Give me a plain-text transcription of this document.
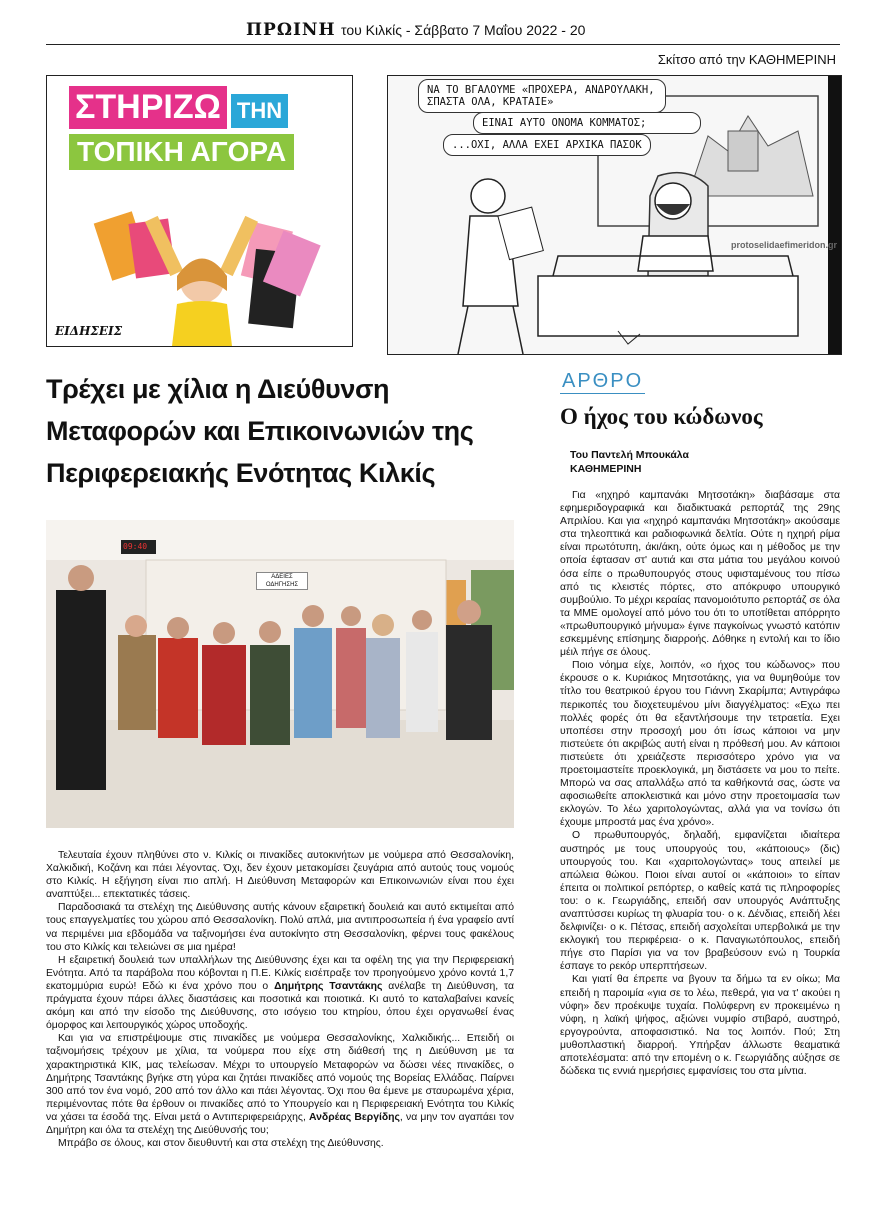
ΠΡΩΙΝΗ του Κιλκίς - Σάββατο 7 Μαΐου 2022 - 20
Σκίτσο από την ΚΑΘΗΜΕΡΙΝΗ
ΣΤΗΡΙΖΩ ΤΗΝ
ΤΟΠΙΚΗ ΑΓΟΡΑ
ΕΙΔΗΣΕΙΣ
ΝΑ ΤΟ ΒΓΑΛΟΥΜΕ «ΠΡΟΧΕΡΑ, ΑΝΔΡΟΥΛΑΚΗ, ΣΠΑΣΤΑ ΟΛΑ, ΚΡΑΤΑΙΕ»
ΕΙΝΑΙ ΑΥΤΟ ΟΝΟΜΑ ΚΟΜΜΑΤΟΣ;
...ΟΧΙ, ΑΛΛΑ ΕΧΕΙ ΑΡΧΙΚΑ ΠΑΣΟΚ
protoselidaefimeridon.gr
Τρέχει με χίλια η Διεύθυνση Μεταφορών και Επικοινωνιών της Περιφερειακής Ενότητας Κιλκίς
09:40
ΑΔΕΙΕΣ ΟΔΗΓΗΣΗΣ

Τελευταία έχουν πληθύνει στο ν. Κιλκίς οι πινακίδες αυτοκινήτων με νούμερα από Θεσσαλονίκη, Χαλκιδική, Κοζάνη και πάει λέγοντας. Όχι, δεν έχουν μετακομίσει ζευγάρια από αυτούς τους νομούς στο Κιλκίς. Η εξήγηση είναι πιο απλή. Η Διεύθυνση Μεταφορών και Επικοινωνιών είναι που έχει αναπτύξει... επεκτατικές τάσεις.

Παραδοσιακά τα στελέχη της Διεύθυνσης αυτής κάνουν εξαιρετική δουλειά και αυτό εκτιμείται από τους επαγγελματίες του χώρου από Θεσσαλονίκη. Πολύ απλά, μια αντιπροσωπεία ή ένα γραφείο αντί να περιμένει μια εβδομάδα να ταξινομήσει ένα αυτοκίνητο στη Θεσσαλονίκη, φέρνει τους φακέλους του στο Κιλκίς και τελειώνει σε μια ημέρα!

Η εξαιρετική δουλειά των υπαλλήλων της Διεύθυνσης έχει και τα οφέλη της για την Περιφερειακή Ενότητα. Από τα παράβολα που κόβονται η Π.Ε. Κιλκίς εισέπραξε τον προηγούμενο χρόνο κοντά 1,7 εκατομμύρια ευρώ! Εδώ κι ένα χρόνο που ο Δημήτρης Τσαντάκης ανέλαβε τη Διεύθυνση, τα πράγματα έχουν πάρει άλλες διαστάσεις και ποσοτικά και ποιοτικά. Κι αυτό το καταλαβαίνει κανείς ακόμη και από την είσοδο της Διεύθυνσης, στο ισόγειο του κτηρίου, όπου έχει οργανωθεί ένας όμορφος και λειτουργικός χώρος υποδοχής.

Και για να επιστρέψουμε στις πινακίδες με νούμερα Θεσσαλονίκης, Χαλκιδικής... Επειδή οι ταξινομήσεις τρέχουν με χίλια, τα νούμερα που είχε στη διάθεσή της η Διεύθυνση με τα χαρακτηριστικά ΚΙΚ, μας τελείωσαν. Μέχρι το υπουργείο Μεταφορών να δώσει νέες πινακίδες, ο Δημήτρης Τσαντάκης βγήκε στη γύρα και ζητάει πινακίδες από νομούς της Βορείας Ελλάδας. Παίρνει 300 από τον ένα νομό, 200 από τον άλλο και πάει λέγοντας. Όχι που θα έμενε με σταυρωμένα χέρια, περιμένοντας πότε θα έρθουν οι πινακίδες από το Υπουργείο και η Περιφερειακή Ενότητα του Κιλκίς να χάσει τα έσοδά της. Είναι μετά ο Αντιπεριφερειάρχης, Ανδρέας Βεργίδης, να μην τον αγαπάει τον Δημήτρη και όλα τα στελέχη της Διεύθυνσής του;

Μπράβο σε όλους, και στον διευθυντή και στα στελέχη της Διεύθυνσης.

ΑΡΘΡΟ
Ο ήχος του κώδωνος
Του Παντελή Μπουκάλα
ΚΑΘΗΜΕΡΙΝΗ

Για «ηχηρό καμπανάκι Μητσοτάκη» διαβάσαμε στα εφημεριδογραφικά και διαδικτυακά ρεπορτάζ της 29ης Απριλίου. Και για «ηχηρό καμπανάκι Μητσοτάκη» ακούσαμε στα τηλεοπτικά και ραδιοφωνικά δελτία. Ούτε η ηχηρή ρίμα είναι πρωτότυπη, άκι/άκη, ούτε όμως και η μέθοδος με την οποία έφτασαν στ' αυτιά και στα μάτια του μεγάλου κοινού όσα είπε ο πρωθυπουργός στους υφισταμένους του πίσω από τις κλειστές πόρτες, στο απόκρυφο υπουργικό συμβούλιο. Το μέχρι κεραίας πανομοιότυπο ρεπορτάζ σε όλα τα ΜΜΕ ομολογεί από μόνο του ότι το υποτίθεται απόρρητο «πρωθυπουργικό μήνυμα» έγινε παγκοίνως γνωστό κατόπιν εσκεμμένης επίσημης διαρροής. Δόθηκε η εντολή και το ίδιο μέιλ πήγε σε όλους.

Ποιο νόημα είχε, λοιπόν, «ο ήχος του κώδωνος» που έκρουσε ο κ. Κυριάκος Μητσοτάκης, για να θυμηθούμε τον τίτλο του θεατρικού έργου του Γιάννη Σκαρίμπα; Αντιγράφω περικοπές του διοχετευμένου μίνι διαγγέλματος: «Εχω πει πολλές φορές ότι θα εξαντλήσουμε την τετραετία. Εχει υποπέσει στην προσοχή μου ότι ίσως κάποιοι να μην πιστεύετε ότι ακριβώς αυτή είναι η πρόθεσή μου. Αν κάποιοι πιστεύετε ότι χρειάζεστε περισσότερο χρόνο για να προετοιμαστείτε προεκλογικά, μη διστάσετε να μου το πείτε. Μπορώ να σας απαλλάξω από τα καθήκοντά σας, ώστε να αφοσιωθείτε αποκλειστικά και μόνο στην προετοιμασία των εκλογών. Το λέω χαριτολογώντας, αλλά για να τονίσω ότι έχουμε μπροστά μας ένα χρόνο».

Ο πρωθυπουργός, δηλαδή, εμφανίζεται ιδιαίτερα αυστηρός με τους υπουργούς του, «κάποιους» (δις) υπουργούς του. Και «χαριτολογώντας» τους απειλεί με απώλεια θώκου. Ποιοι είναι αυτοί οι «κάποιοι» το είπαν έπειτα οι πολιτικοί ρεπόρτερ, ο καθείς κατά τις πληροφορίες του: ο κ. Γεωργιάδης, επειδή σαν υπουργός Ανάπτυξης αναπτύσσει κυρίως τη φλυαρία του· ο κ. Δένδιας, επειδή λέει δελφινίζει· ο κ. Πέτσας, επειδή ασχολείται υπερβολικά με την εκλογική του περιφέρεια· ο κ. Παναγιωτόπουλος, επειδή πήγε στο Παρίσι για να τον βραβεύσουν ενώ η Τουρκία έσπαγε το ρεκόρ υπερπτήσεων.

Και γιατί θα έπρεπε να βγουν τα δήμω τα εν οίκω; Μα επειδή η παροιμία «για σε το λέω, πεθερά, για να τ' ακούει η νύφη» δεν προέκυψε τυχαία. Πολύφερνη εν προκειμένω η νύφη, η λαϊκή ψήφος, αξιώνει νυμφίο στιβαρό, αυστηρό, εργογρούντα, αποφασιστικό. Να τος λοιπόν. Πού; Στη μυθοπλαστική διαρροή. Υπήρξαν άλλωστε θεαματικά αποτελέσματα: από την επομένη ο κ. Γεωργιάδης αύξησε σε δώδεκα τις εννιά ημερήσιες εμφανίσεις του στα μίντια.
